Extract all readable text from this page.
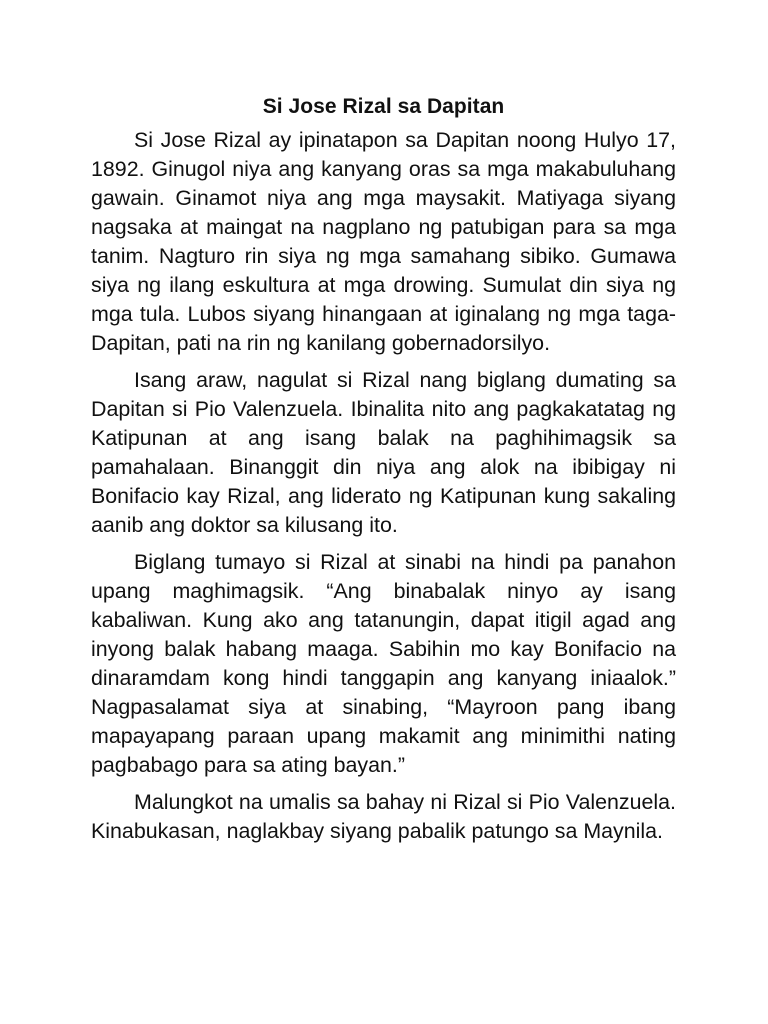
Si Jose Rizal sa Dapitan

Si Jose Rizal ay ipinatapon sa Dapitan noong Hulyo 17, 1892. Ginugol niya ang kanyang oras sa mga makabuluhang gawain. Ginamot niya ang mga maysakit. Matiyaga siyang nagsaka at maingat na nagplano ng patubigan para sa mga tanim. Nagturo rin siya ng mga samahang sibiko. Gumawa siya ng ilang eskultura at mga drowing. Sumulat din siya ng mga tula. Lubos siyang hinangaan at iginalang ng mga taga-Dapitan, pati na rin ng kanilang gobernadorsilyo.

Isang araw, nagulat si Rizal nang biglang dumating sa Dapitan si Pio Valenzuela. Ibinalita nito ang pagkakatatag ng Katipunan at ang isang balak na paghihimagsik sa pamahalaan. Binanggit din niya ang alok na ibibigay ni Bonifacio kay Rizal, ang liderato ng Katipunan kung sakaling aanib ang doktor sa kilusang ito.

Biglang tumayo si Rizal at sinabi na hindi pa panahon upang maghimagsik. “Ang binabalak ninyo ay isang kabaliwan. Kung ako ang tatanungin, dapat itigil agad ang inyong balak habang maaga. Sabihin mo kay Bonifacio na dinaramdam kong hindi tanggapin ang kanyang iniaalok.” Nagpasalamat siya at sinabing, “Mayroon pang ibang mapayapang paraan upang makamit ang minimithi nating pagbabago para sa ating bayan.”

Malungkot na umalis sa bahay ni Rizal si Pio Valenzuela. Kinabukasan, naglakbay siyang pabalik patungo sa Maynila.
